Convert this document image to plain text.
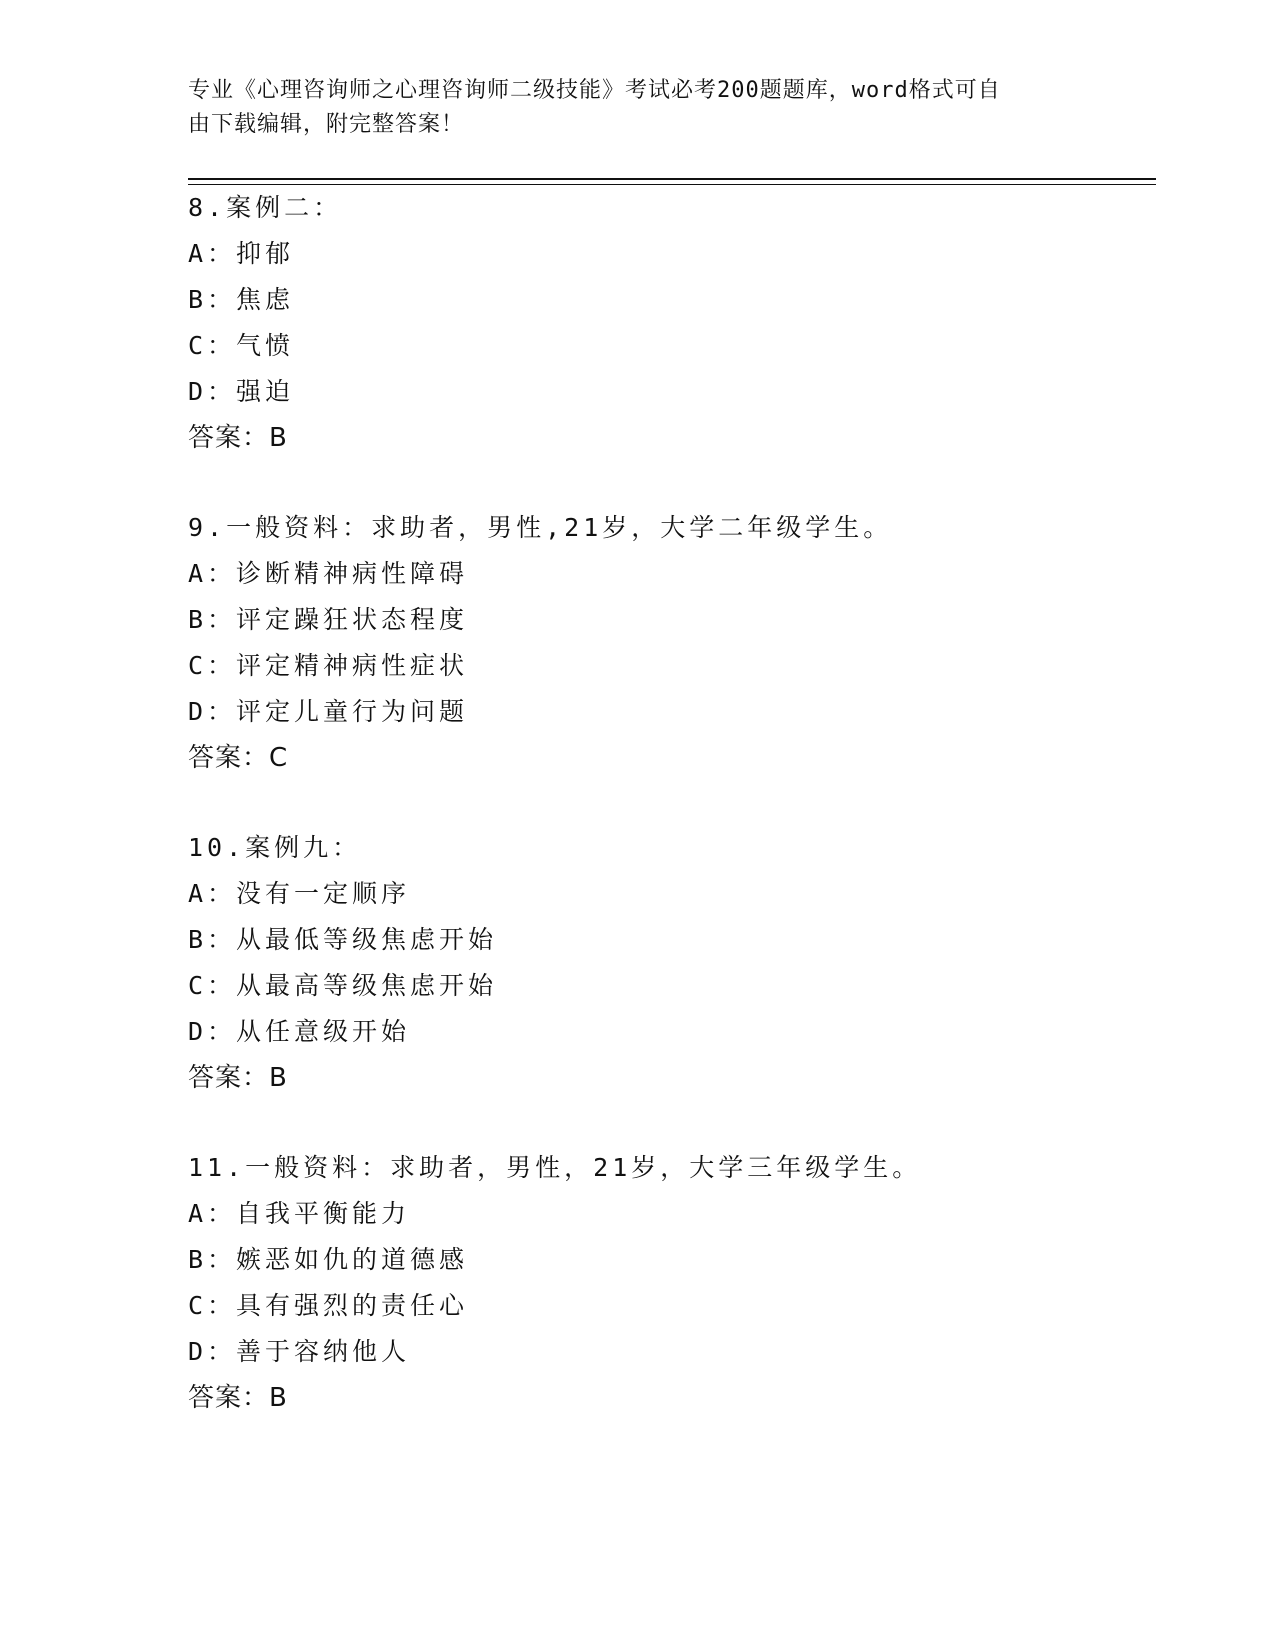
专业《心理咨询师之心理咨询师二级技能》考试必考200题题库，word格式可自
由下载编辑，附完整答案！
8.案例二：
A：抑郁
B：焦虑
C：气愤
D：强迫
答案：B
9.一般资料：求助者，男性,21岁，大学二年级学生。
A：诊断精神病性障碍
B：评定躁狂状态程度
C：评定精神病性症状
D：评定儿童行为问题
答案：C
10.案例九：
A：没有一定顺序
B：从最低等级焦虑开始
C：从最高等级焦虑开始
D：从任意级开始
答案：B
11.一般资料：求助者，男性，21岁，大学三年级学生。
A：自我平衡能力
B：嫉恶如仇的道德感
C：具有强烈的责任心
D：善于容纳他人
答案：B
